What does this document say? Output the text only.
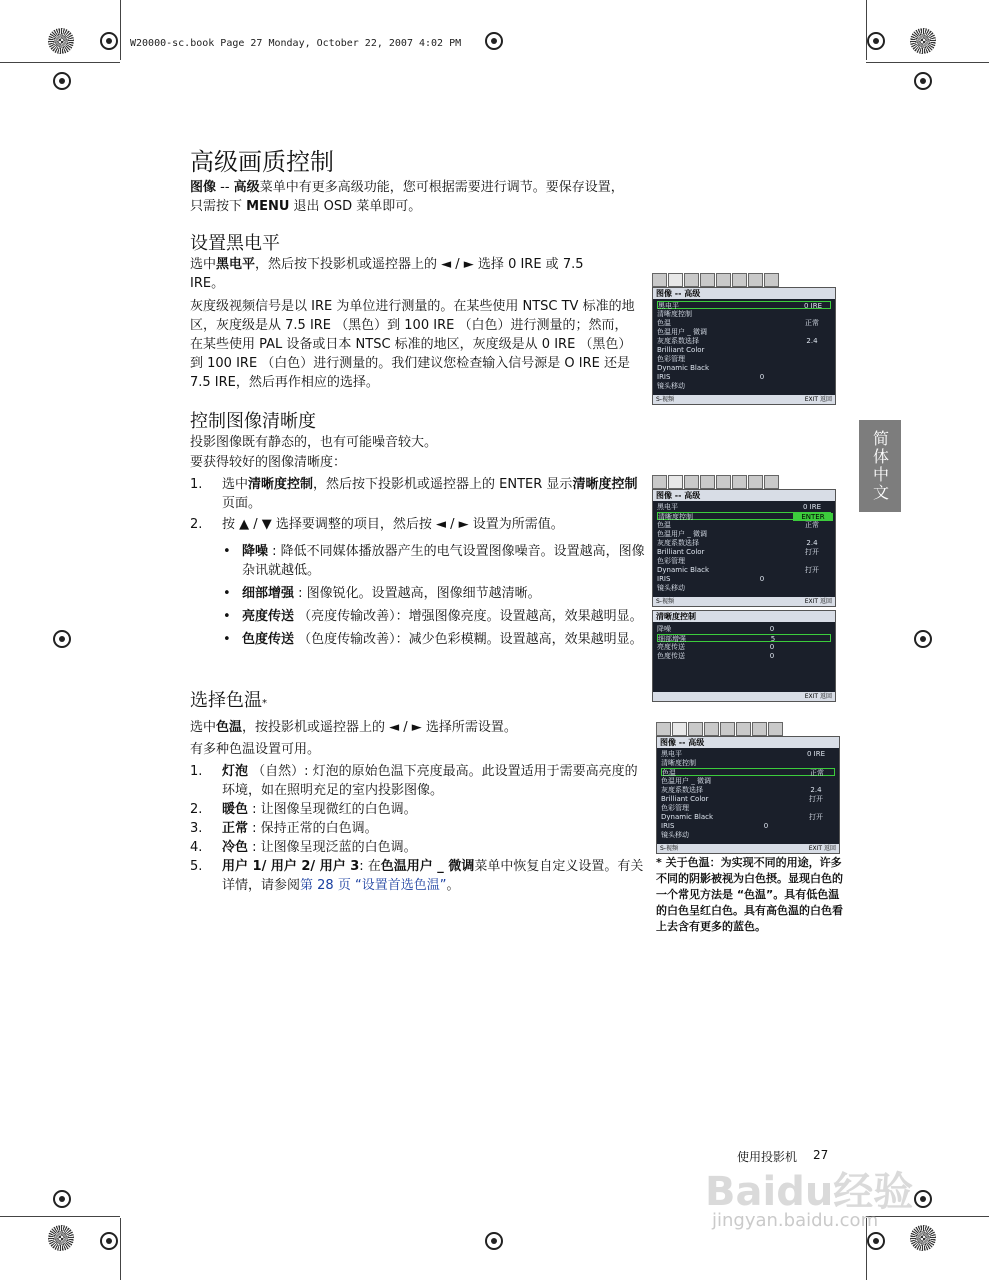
W20000-sc.book Page 27 Monday, October 22, 2007 4:02 PM
高级画质控制

图像 -- 高级菜单中有更多高级功能，您可根据需要进行调节。要保存设置，只需按下 MENU 退出 OSD 菜单即可。

设置黑电平

选中黑电平，然后按下投影机或遥控器上的 ◄ / ► 选择 0 IRE 或 7.5 IRE。

灰度级视频信号是以 IRE 为单位进行测量的。在某些使用 NTSC TV 标准的地区，灰度级是从 7.5 IRE （黑色）到 100 IRE （白色）进行测量的；然而，在某些使用 PAL 设备或日本 NTSC 标准的地区，灰度级是从 0 IRE （黑色）到 100 IRE （白色）进行测量的。我们建议您检查输入信号源是 O IRE 还是 7.5 IRE，然后再作相应的选择。

控制图像清晰度

投影图像既有静态的，也有可能噪音较大。

要获得较好的图像清晰度：

1. 选中清晰度控制，然后按下投影机或遥控器上的 ENTER 显示清晰度控制页面。
2. 按 ▲ / ▼ 选择要调整的项目，然后按 ◄ / ► 设置为所需值。
• 降噪 : 降低不同媒体播放器产生的电气设置图像噪音。设置越高，图像杂讯就越低。
• 细部增强 : 图像锐化。设置越高，图像细节越清晰。
• 亮度传送 （亮度传输改善）：增强图像亮度。设置越高，效果越明显。
• 色度传送 （色度传输改善）：减少色彩模糊。设置越高，效果越明显。
选择色温*

选中色温，按投影机或遥控器上的 ◄ / ► 选择所需设置。

有多种色温设置可用。

1. 灯泡 （自然）: 灯泡的原始色温下亮度最高。此设置适用于需要高亮度的环境，如在照明充足的室内投影图像。
2. 暖色 : 让图像呈现微红的白色调。
3. 正常 : 保持正常的白色调。
4. 冷色 : 让图像呈现泛蓝的白色调。
5. 用户 1/ 用户 2/ 用户 3: 在色温用户 _ 微调菜单中恢复自定义设置。有关详情，请参阅第 28 页 “设置首选色温”。
简体中文
图像 -- 高级
黑电平	0 IRE
清晰度控制
色温	正常
色温用户 _ 微调
灰度系数选择	2.4
Brilliant Color
色彩管理
Dynamic Black
IRIS	0
镜头移动
S-视频	EXIT 返回
图像 -- 高级
黑电平	0 IRE
清晰度控制	ENTER
色温	正常
色温用户 _ 微调
灰度系数选择	2.4
Brilliant Color	打开
色彩管理
Dynamic Black	打开
IRIS	0
镜头移动
S-视频	EXIT 返回
清晰度控制
降噪	0
细部增强	5
亮度传送	0
色度传送	0
EXIT 返回
图像 -- 高级
黑电平	0 IRE
清晰度控制
色温	正常
色温用户 _ 微调
灰度系数选择	2.4
Brilliant Color	打开
色彩管理
Dynamic Black	打开
IRIS	0
镜头移动
S-视频	EXIT 返回
* 关于色温：为实现不同的用途，许多不同的阴影被视为白色摂。显现白色的一个常见方法是 “色温”。具有低色温的白色呈红白色。具有高色温的白色看上去含有更多的蓝色。
使用投影机 27
Baidu经验
jingyan.baidu.com
